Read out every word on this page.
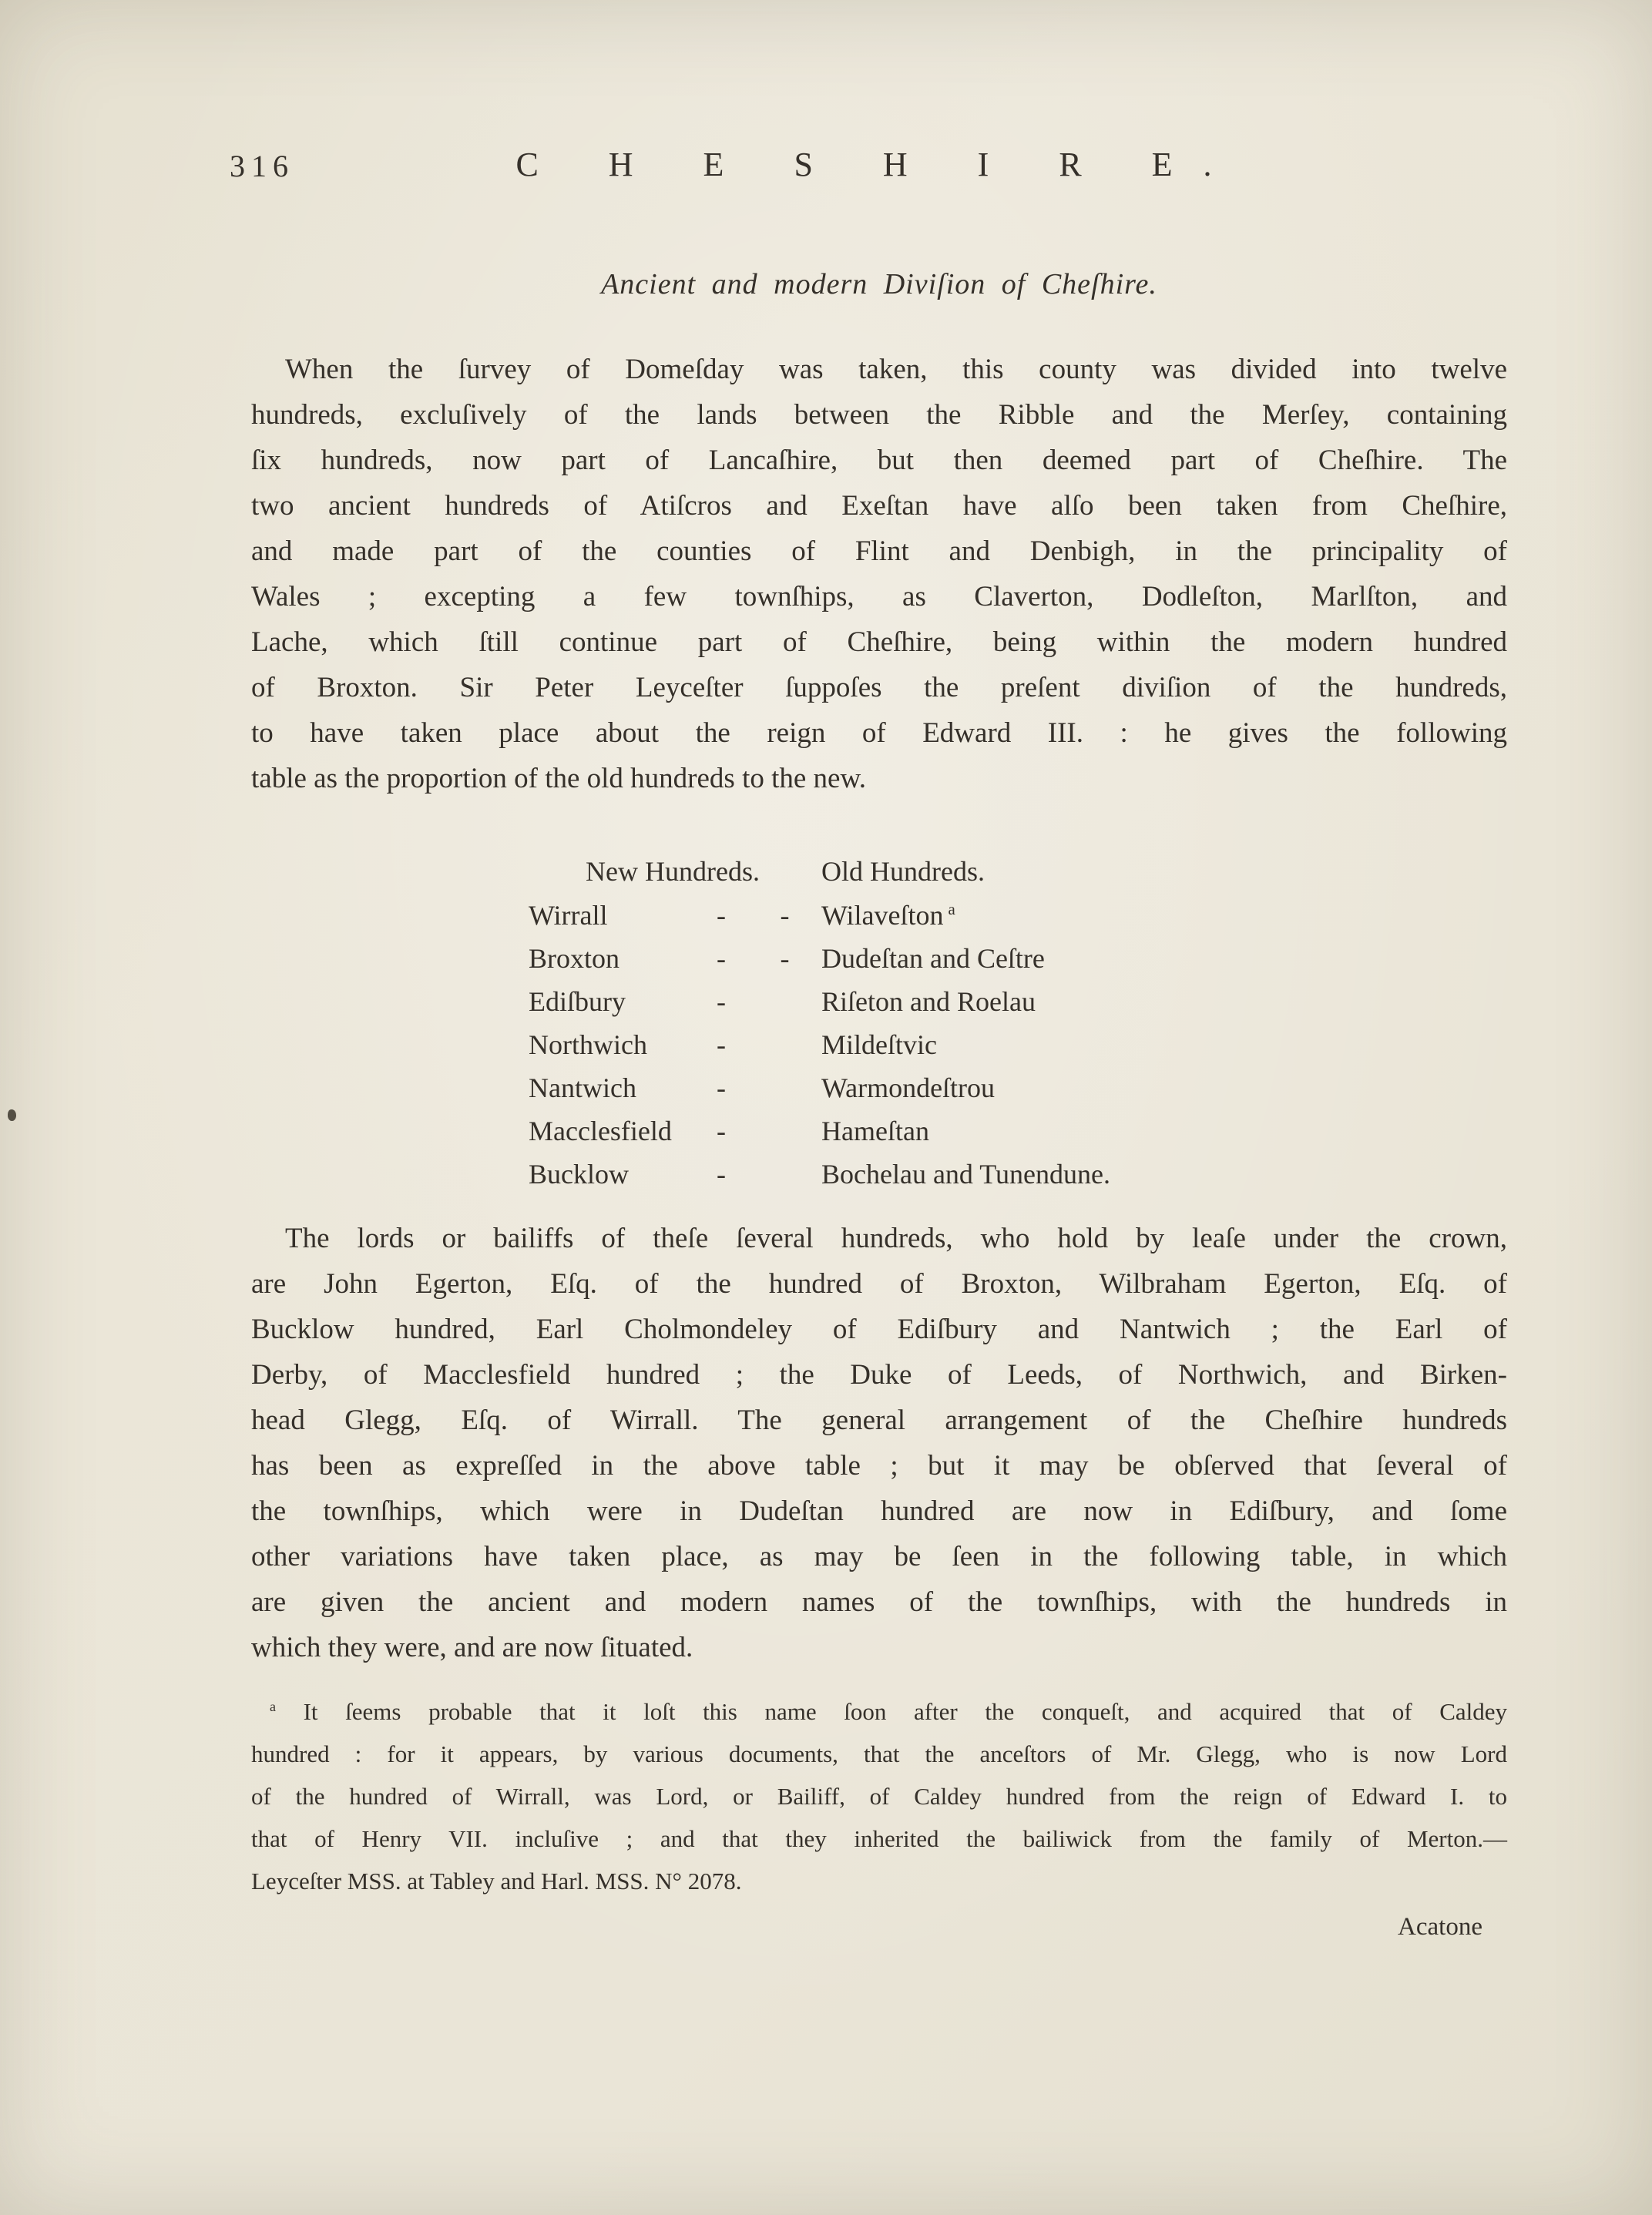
316	C H E S H I R E.
Ancient and modern Diviſion of Cheſhire.
When the ſurvey of Domeſday was taken, this county was divided into twelve
hundreds, excluſively of the lands between the Ribble and the Merſey, containing
ſix hundreds, now part of Lancaſhire, but then deemed part of Cheſhire. The
two ancient hundreds of Atiſcros and Exeſtan have alſo been taken from Cheſhire,
and made part of the counties of Flint and Denbigh, in the principality of
Wales ; excepting a few townſhips, as Claverton, Dodleſton, Marlſton, and
Lache, which ſtill continue part of Cheſhire, being within the modern hundred
of Broxton. Sir Peter Leyceſter ſuppoſes the preſent diviſion of the hundreds,
to have taken place about the reign of Edward III. : he gives the following
table as the proportion of the old hundreds to the new.
New Hundreds.	Old Hundreds.
Wirrall	-	-	Wilaveſton $^a$
Broxton	-	-	Dudeſtan and Ceſtre
Ediſbury	-	Riſeton and Roelau
Northwich	-	Mildeſtvic
Nantwich	-	Warmondeſtrou
Macclesfield	-	Hameſtan
Bucklow	-	Bochelau and Tunendune.
The lords or bailiffs of theſe ſeveral hundreds, who hold by leaſe under the crown,
are John Egerton, Eſq. of the hundred of Broxton, Wilbraham Egerton, Eſq. of
Bucklow hundred, Earl Cholmondeley of Ediſbury and Nantwich ; the Earl of
Derby, of Macclesfield hundred ; the Duke of Leeds, of Northwich, and Birken-
head Glegg, Eſq. of Wirrall. The general arrangement of the Cheſhire hundreds
has been as expreſſed in the above table ; but it may be obſerved that ſeveral of
the townſhips, which were in Dudeſtan hundred are now in Ediſbury, and ſome
other variations have taken place, as may be ſeen in the following table, in which
are given the ancient and modern names of the townſhips, with the hundreds in
which they were, and are now ſituated.
$^a$ It ſeems probable that it loſt this name ſoon after the conqueſt, and acquired that of Caldey
hundred : for it appears, by various documents, that the anceſtors of Mr. Glegg, who is now Lord
of the hundred of Wirrall, was Lord, or Bailiff, of Caldey hundred from the reign of Edward I. to
that of Henry VII. incluſive ; and that they inherited the bailiwick from the family of Merton.—
Leyceſter MSS. at Tabley and Harl. MSS. N° 2078.
Acatone
